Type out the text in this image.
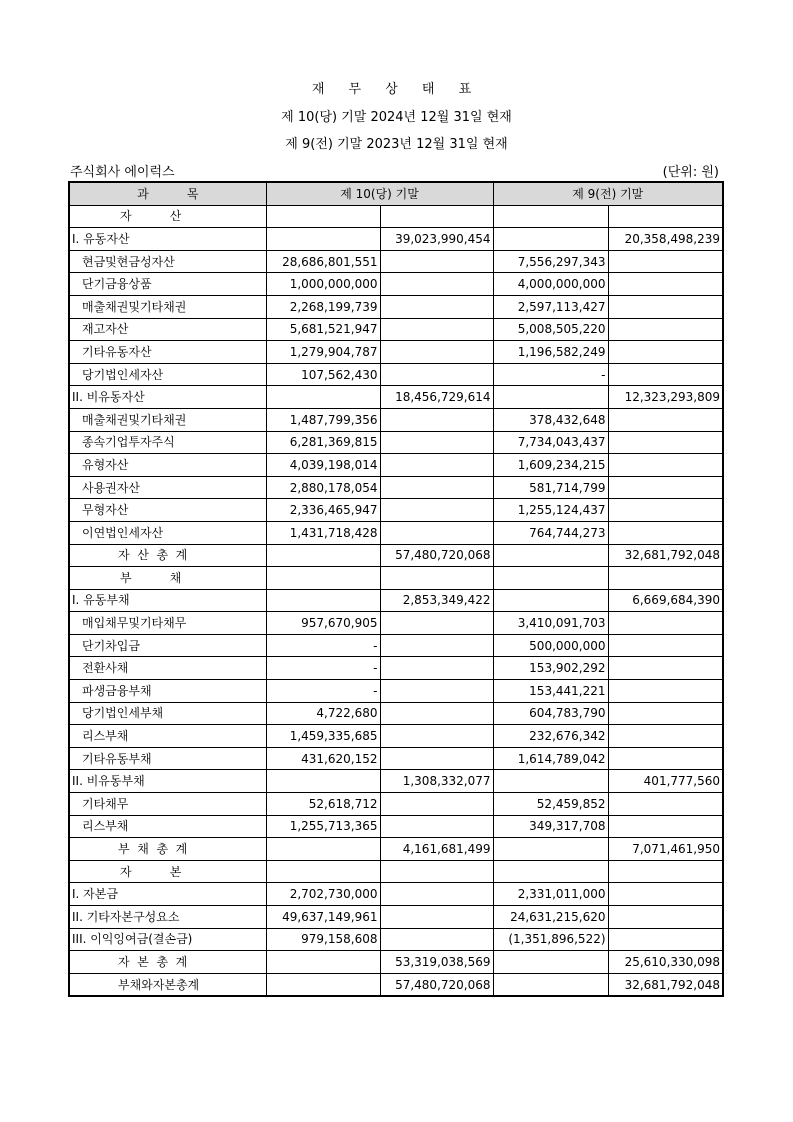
재 무 상 태 표
제 10(당) 기말 2024년 12월 31일 현재
제 9(전) 기말 2023년 12월 31일 현재
주식회사 에이럭스	(단위: 원)
과          목	제 10(당) 기말		제 9(전) 기말	
자          산				
I. 유동자산		39,023,990,454		20,358,498,239
현금및현금성자산	28,686,801,551		7,556,297,343	
단기금융상품	1,000,000,000		4,000,000,000	
매출채권및기타채권	2,268,199,739		2,597,113,427	
재고자산	5,681,521,947		5,008,505,220	
기타유동자산	1,279,904,787		1,196,582,249	
당기법인세자산	107,562,430		-	
II. 비유동자산		18,456,729,614		12,323,293,809
매출채권및기타채권	1,487,799,356		378,432,648	
종속기업투자주식	6,281,369,815		7,734,043,437	
유형자산	4,039,198,014		1,609,234,215	
사용권자산	2,880,178,054		581,714,799	
무형자산	2,336,465,947		1,255,124,437	
이연법인세자산	1,431,718,428		764,744,273	
자  산  총  계		57,480,720,068		32,681,792,048
부          채				
I. 유동부채		2,853,349,422		6,669,684,390
매입채무및기타채무	957,670,905		3,410,091,703	
단기차입금	-		500,000,000	
전환사채	-		153,902,292	
파생금융부채	-		153,441,221	
당기법인세부채	4,722,680		604,783,790	
리스부채	1,459,335,685		232,676,342	
기타유동부채	431,620,152		1,614,789,042	
II. 비유동부채		1,308,332,077		401,777,560
기타채무	52,618,712		52,459,852	
리스부채	1,255,713,365		349,317,708	
부  채  총  계		4,161,681,499		7,071,461,950
자          본				
I. 자본금	2,702,730,000		2,331,011,000	
II. 기타자본구성요소	49,637,149,961		24,631,215,620	
III. 이익잉여금(결손금)	979,158,608		(1,351,896,522)	
자  본  총  계		53,319,038,569		25,610,330,098
부채와자본총계		57,480,720,068		32,681,792,048
